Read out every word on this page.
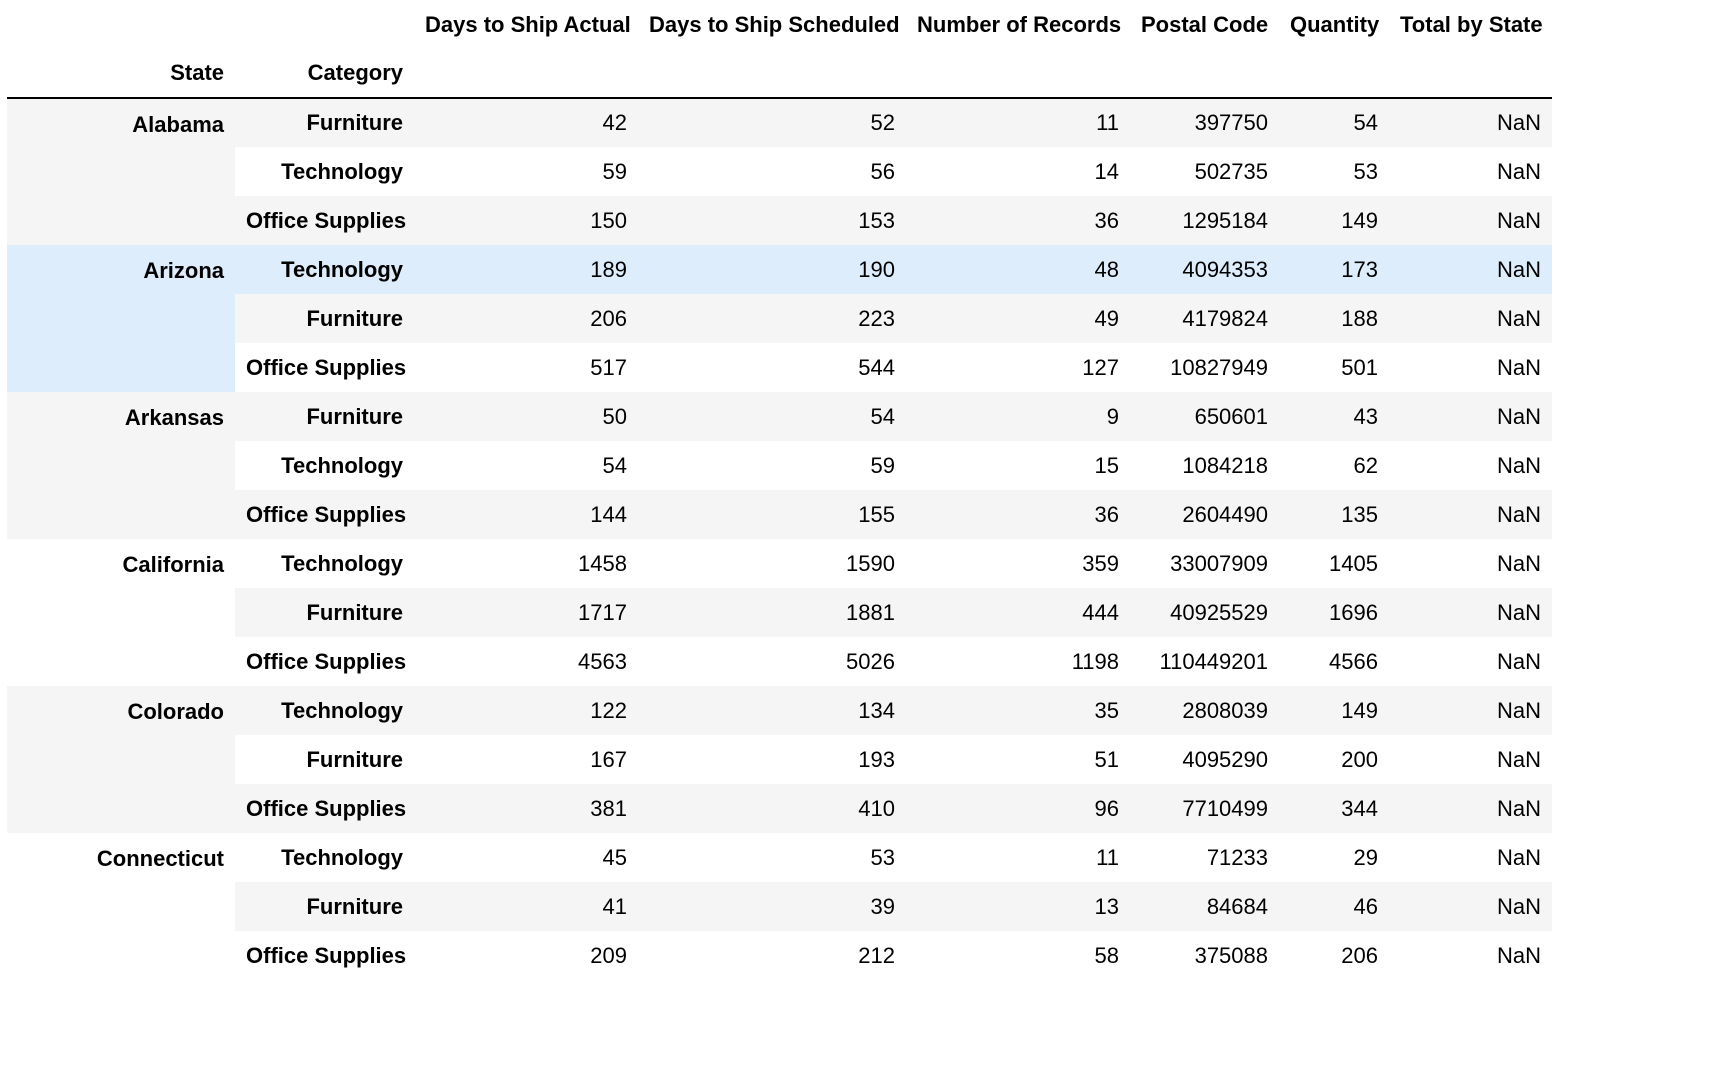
		Days to Ship Actual	Days to Ship Scheduled	Number of Records	Postal Code	Quantity	Total by State
State	Category						
Alabama	Furniture	42	52	11	397750	54	NaN
	Technology	59	56	14	502735	53	NaN
	Office Supplies	150	153	36	1295184	149	NaN
Arizona	Technology	189	190	48	4094353	173	NaN
	Furniture	206	223	49	4179824	188	NaN
	Office Supplies	517	544	127	10827949	501	NaN
Arkansas	Furniture	50	54	9	650601	43	NaN
	Technology	54	59	15	1084218	62	NaN
	Office Supplies	144	155	36	2604490	135	NaN
California	Technology	1458	1590	359	33007909	1405	NaN
	Furniture	1717	1881	444	40925529	1696	NaN
	Office Supplies	4563	5026	1198	110449201	4566	NaN
Colorado	Technology	122	134	35	2808039	149	NaN
	Furniture	167	193	51	4095290	200	NaN
	Office Supplies	381	410	96	7710499	344	NaN
Connecticut	Technology	45	53	11	71233	29	NaN
	Furniture	41	39	13	84684	46	NaN
	Office Supplies	209	212	58	375088	206	NaN
